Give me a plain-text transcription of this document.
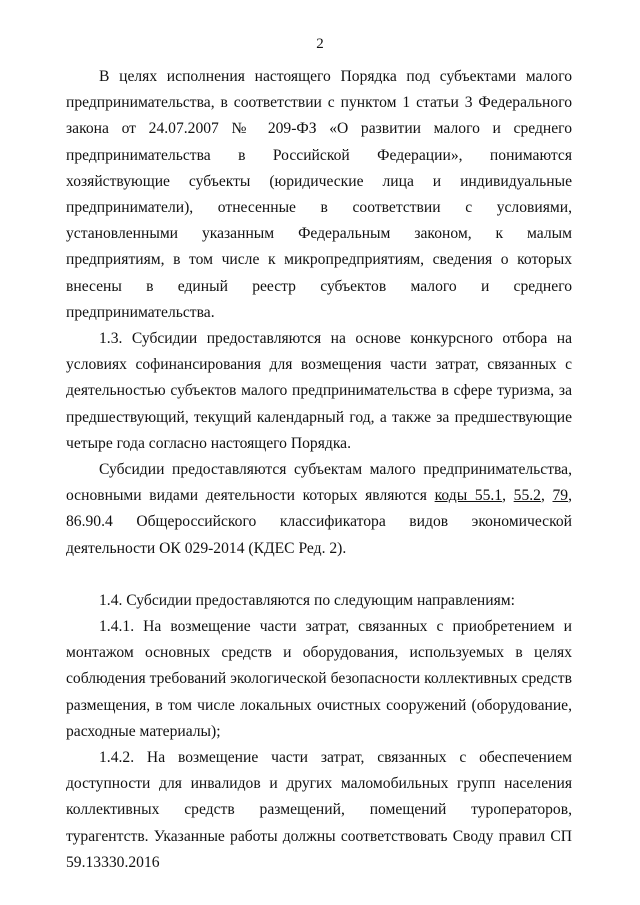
2

В целях исполнения настоящего Порядка под субъектами малого предпринимательства, в соответствии с пунктом 1 статьи 3 Федерального закона от 24.07.2007 № 209-ФЗ «О развитии малого и среднего предпринимательства в Российской Федерации», понимаются хозяйствующие субъекты (юридические лица и индивидуальные предприниматели), отнесенные в соответствии с условиями, установленными указанным Федеральным законом, к малым предприятиям, в том числе к микропредприятиям, сведения о которых внесены в единый реестр субъектов малого и среднего предпринимательства.

1.3. Субсидии предоставляются на основе конкурсного отбора на условиях софинансирования для возмещения части затрат, связанных с деятельностью субъектов малого предпринимательства в сфере туризма, за предшествующий, текущий календарный год, а также за предшествующие четыре года согласно настоящего Порядка.

Субсидии предоставляются субъектам малого предпринимательства, основными видами деятельности которых являются коды 55.1, 55.2, 79, 86.90.4 Общероссийского классификатора видов экономической деятельности ОК 029-2014 (КДЕС Ред. 2).

1.4. Субсидии предоставляются по следующим направлениям:

1.4.1. На возмещение части затрат, связанных с приобретением и монтажом основных средств и оборудования, используемых в целях соблюдения требований экологической безопасности коллективных средств размещения, в том числе локальных очистных сооружений (оборудование, расходные материалы);

1.4.2. На возмещение части затрат, связанных с обеспечением доступности для инвалидов и других маломобильных групп населения коллективных средств размещений, помещений туроператоров, турагентств. Указанные работы должны соответствовать Своду правил СП 59.13330.2016
